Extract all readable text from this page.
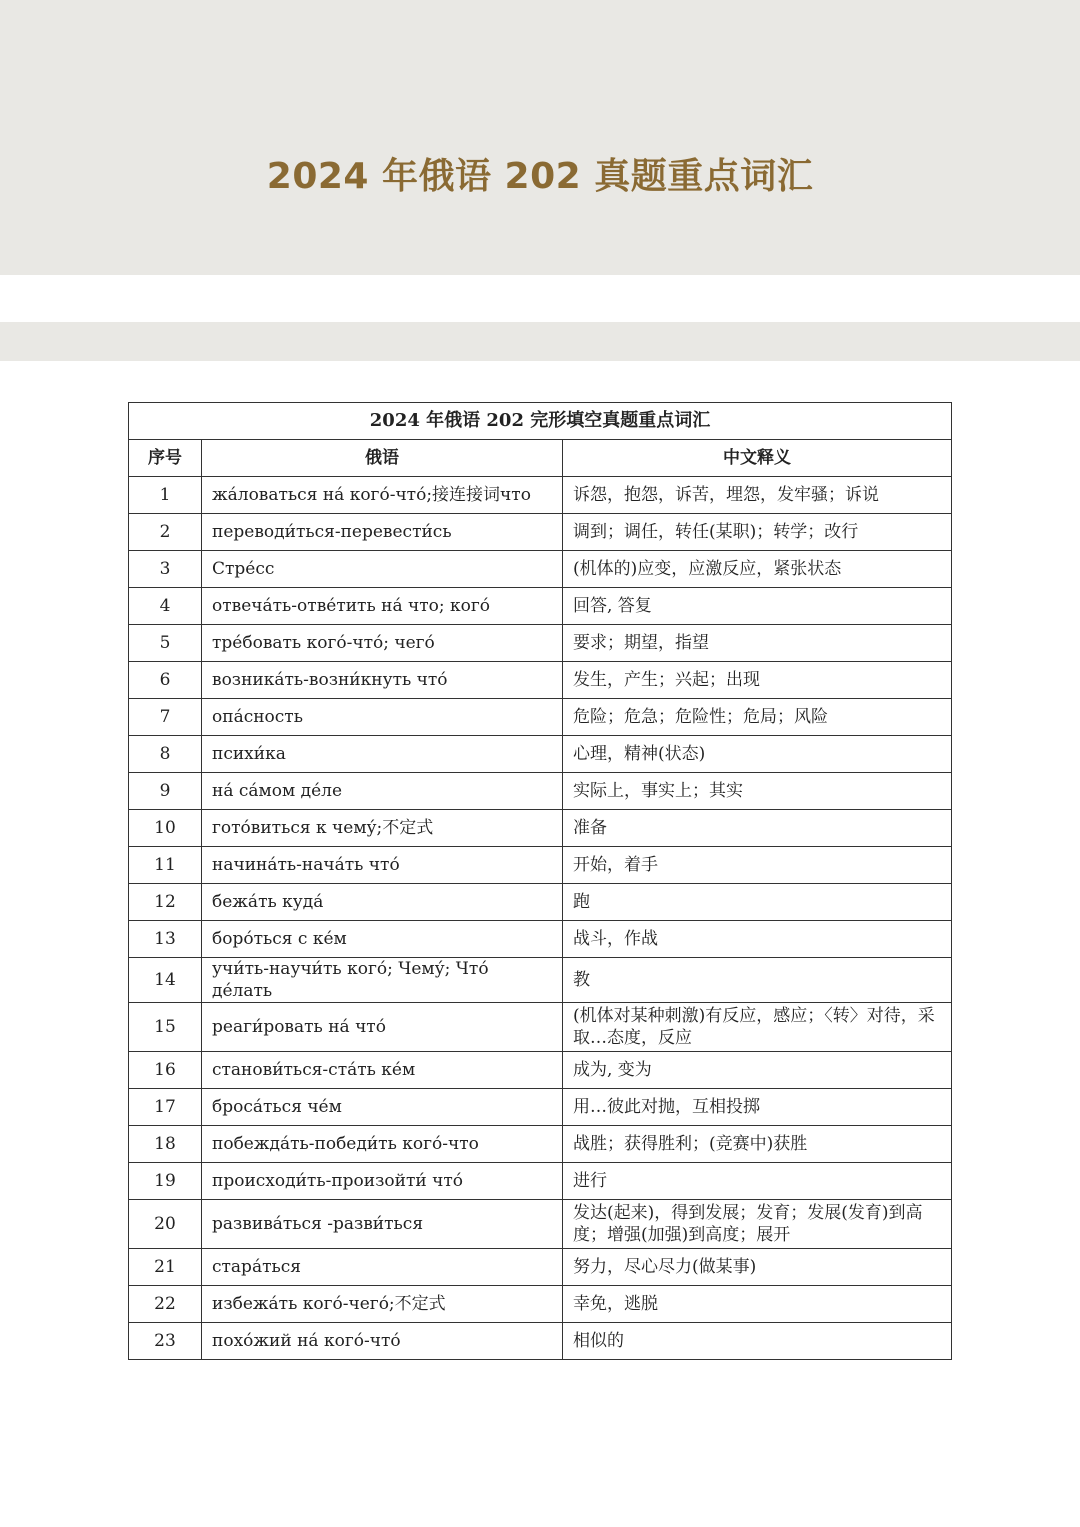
2024 年俄语 202 真题重点词汇
2024 年俄语 202 完形填空真题重点词汇		
序号	俄语	中文释义
1	жа́ловаться на́ кого́-что́;接连接词что	诉怨，抱怨，诉苦，埋怨，发牢骚；诉说
2	переводи́ться-перевести́сь	调到；调任，转任(某职)；转学；改行
3	Стре́сс	(机体的)应变，应激反应，紧张状态
4	отвеча́ть-отве́тить на́ что; кого́	回答, 答复
5	тре́бовать кого́-что́; чего́	要求；期望，指望
6	возника́ть-возни́кнуть что́	发生，产生；兴起；出现
7	опа́сность	危险；危急；危险性；危局；风险
8	психи́ка	心理，精神(状态)
9	на́ са́мом де́ле	实际上，事实上；其实
10	гото́виться к чему́;不定式	准备
11	начина́ть-нача́ть что́	开始，着手
12	бежа́ть куда́	跑
13	боро́ться с ке́м	战斗，作战
14	учи́ть-научи́ть кого́; Чему́; Что́ де́лать	教
15	реаги́ровать на́ что́	(机体对某种刺激)有反应，感应；〈转〉对待，采取…态度，反应
16	станови́ться-ста́ть ке́м	成为, 变为
17	броса́ться че́м	用…彼此对抛，互相投掷
18	побежда́ть-победи́ть кого́-что	战胜；获得胜利；(竞赛中)获胜
19	происходи́ть-произойти́ что́	进行
20	развива́ться -разви́ться	发达(起来)，得到发展；发育；发展(发育)到高度；增强(加强)到高度；展开
21	стара́ться	努力，尽心尽力(做某事)
22	избежа́ть кого́-чего́;不定式	幸免，逃脱
23	похо́жий на́ кого́-что́	相似的
